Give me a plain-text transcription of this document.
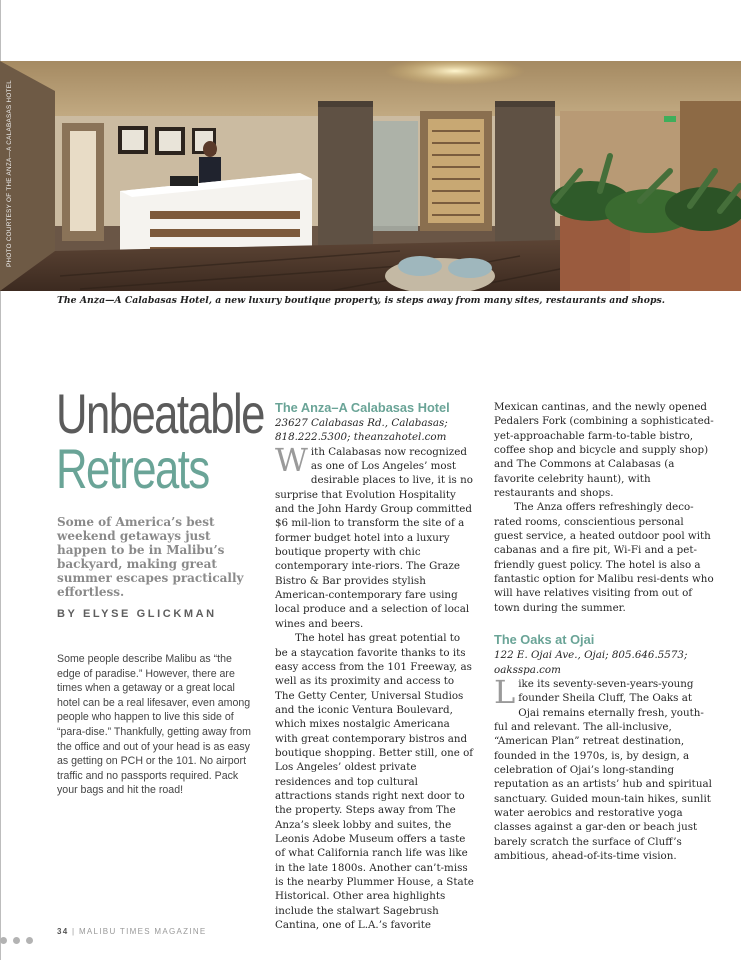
PHOTO COURTESY OF THE ANZA—A CALABASAS HOTEL
The Anza—A Calabasas Hotel, a new luxury boutique property, is steps away from many sites, restaurants and shops.
Unbeatable
Retreats
Some of America’s best weekend getaways just happen to be in Malibu’s backyard, making great summer escapes practically effortless.
BY ELYSE GLICKMAN

Some people describe Malibu as “the edge of paradise.” However, there are times when a getaway or a great local hotel can be a real lifesaver, even among people who happen to live this side of “para-dise.” Thankfully, getting away from the office and out of your head is as easy as getting on PCH or the 101. No airport traffic and no passports required. Pack your bags and hit the road!

The Anza–A Calabasas Hotel
23627 Calabasas Rd., Calabasas; 818.222.5300; theanzahotel.com

With Calabasas now recognized as one of Los Angeles’ most desirable places to live, it is no surprise that Evolution Hospitality and the John Hardy Group committed $6 mil-lion to transform the site of a former budget hotel into a luxury boutique property with chic contemporary inte-riors. The Graze Bistro & Bar provides stylish American-contemporary fare using local produce and a selection of local wines and beers.

The hotel has great potential to be a staycation favorite thanks to its easy access from the 101 Freeway, as well as its proximity and access to The Getty Center, Universal Studios and the iconic Ventura Boulevard, which mixes nostalgic Americana with great contemporary bistros and boutique shopping. Better still, one of Los Angeles’ oldest private residences and top cultural attractions stands right next door to the property. Steps away from The Anza’s sleek lobby and suites, the Leonis Adobe Museum offers a taste of what California ranch life was like in the late 1800s. Another can’t-miss is the nearby Plummer House, a State Historical. Other area highlights include the stalwart Sagebrush Cantina, one of L.A.’s favorite

Mexican cantinas, and the newly opened Pedalers Fork (combining a sophisticated-yet-approachable farm-to-table bistro, coffee shop and bicycle and supply shop) and The Commons at Calabasas (a favorite celebrity haunt), with restaurants and shops.

The Anza offers refreshingly deco-rated rooms, conscientious personal guest service, a heated outdoor pool with cabanas and a fire pit, Wi-Fi and a pet-friendly guest policy. The hotel is also a fantastic option for Malibu resi-dents who will have relatives visiting from out of town during the summer.

The Oaks at Ojai
122 E. Ojai Ave., Ojai; 805.646.5573; oaksspa.com

Like its seventy-seven-years-young founder Sheila Cluff, The Oaks at Ojai remains eternally fresh, youth-ful and relevant. The all-inclusive, “American Plan” retreat destination, founded in the 1970s, is, by design, a celebration of Ojai’s long-standing reputation as an artists’ hub and spiritual sanctuary. Guided moun-tain hikes, sunlit water aerobics and restorative yoga classes against a gar-den or beach just barely scratch the surface of Cluff’s ambitious, ahead-of-its-time vision.

34 | MALIBU TIMES MAGAZINE
